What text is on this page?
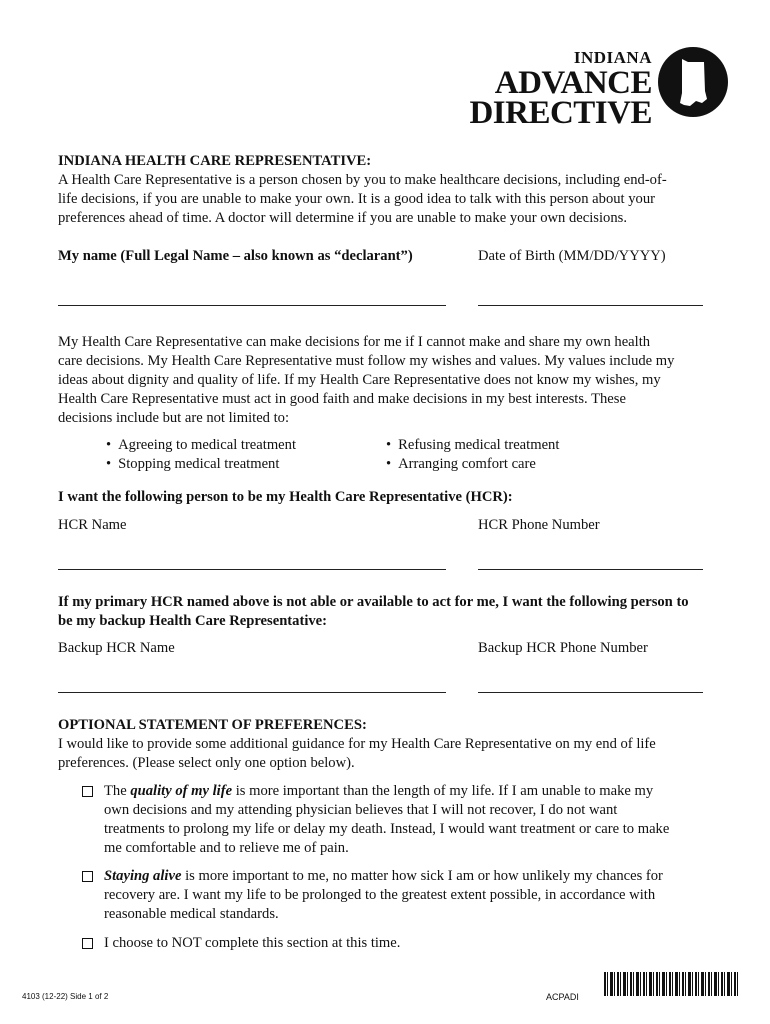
INDIANA
ADVANCE
DIRECTIVE
INDIANA HEALTH CARE REPRESENTATIVE:
A Health Care Representative is a person chosen by you to make healthcare decisions, including end-of-
life decisions, if you are unable to make your own. It is a good idea to talk with this person about your
preferences ahead of time. A doctor will determine if you are unable to make your own decisions.
My name (Full Legal Name – also known as “declarant”)	Date of Birth (MM/DD/YYYY)
My Health Care Representative can make decisions for me if I cannot make and share my own health
care decisions. My Health Care Representative must follow my wishes and values. My values include my
ideas about dignity and quality of life. If my Health Care Representative does not know my wishes, my
Health Care Representative must act in good faith and make decisions in my best interests. These
decisions include but are not limited to:
• Agreeing to medical treatment
• Stopping medical treatment
• Refusing medical treatment
• Arranging comfort care
I want the following person to be my Health Care Representative (HCR):
HCR Name	HCR Phone Number
If my primary HCR named above is not able or available to act for me, I want the following person to
be my backup Health Care Representative:
Backup HCR Name	Backup HCR Phone Number
OPTIONAL STATEMENT OF PREFERENCES:
I would like to provide some additional guidance for my Health Care Representative on my end of life
preferences. (Please select only one option below).
The quality of my life is more important than the length of my life. If I am unable to make my
own decisions and my attending physician believes that I will not recover, I do not want
treatments to prolong my life or delay my death. Instead, I would want treatment or care to make
me comfortable and to relieve me of pain.
Staying alive is more important to me, no matter how sick I am or how unlikely my chances for
recovery are. I want my life to be prolonged to the greatest extent possible, in accordance with
reasonable medical standards.
I choose to NOT complete this section at this time.
4103 (12-22) Side 1 of 2	ACPADI
